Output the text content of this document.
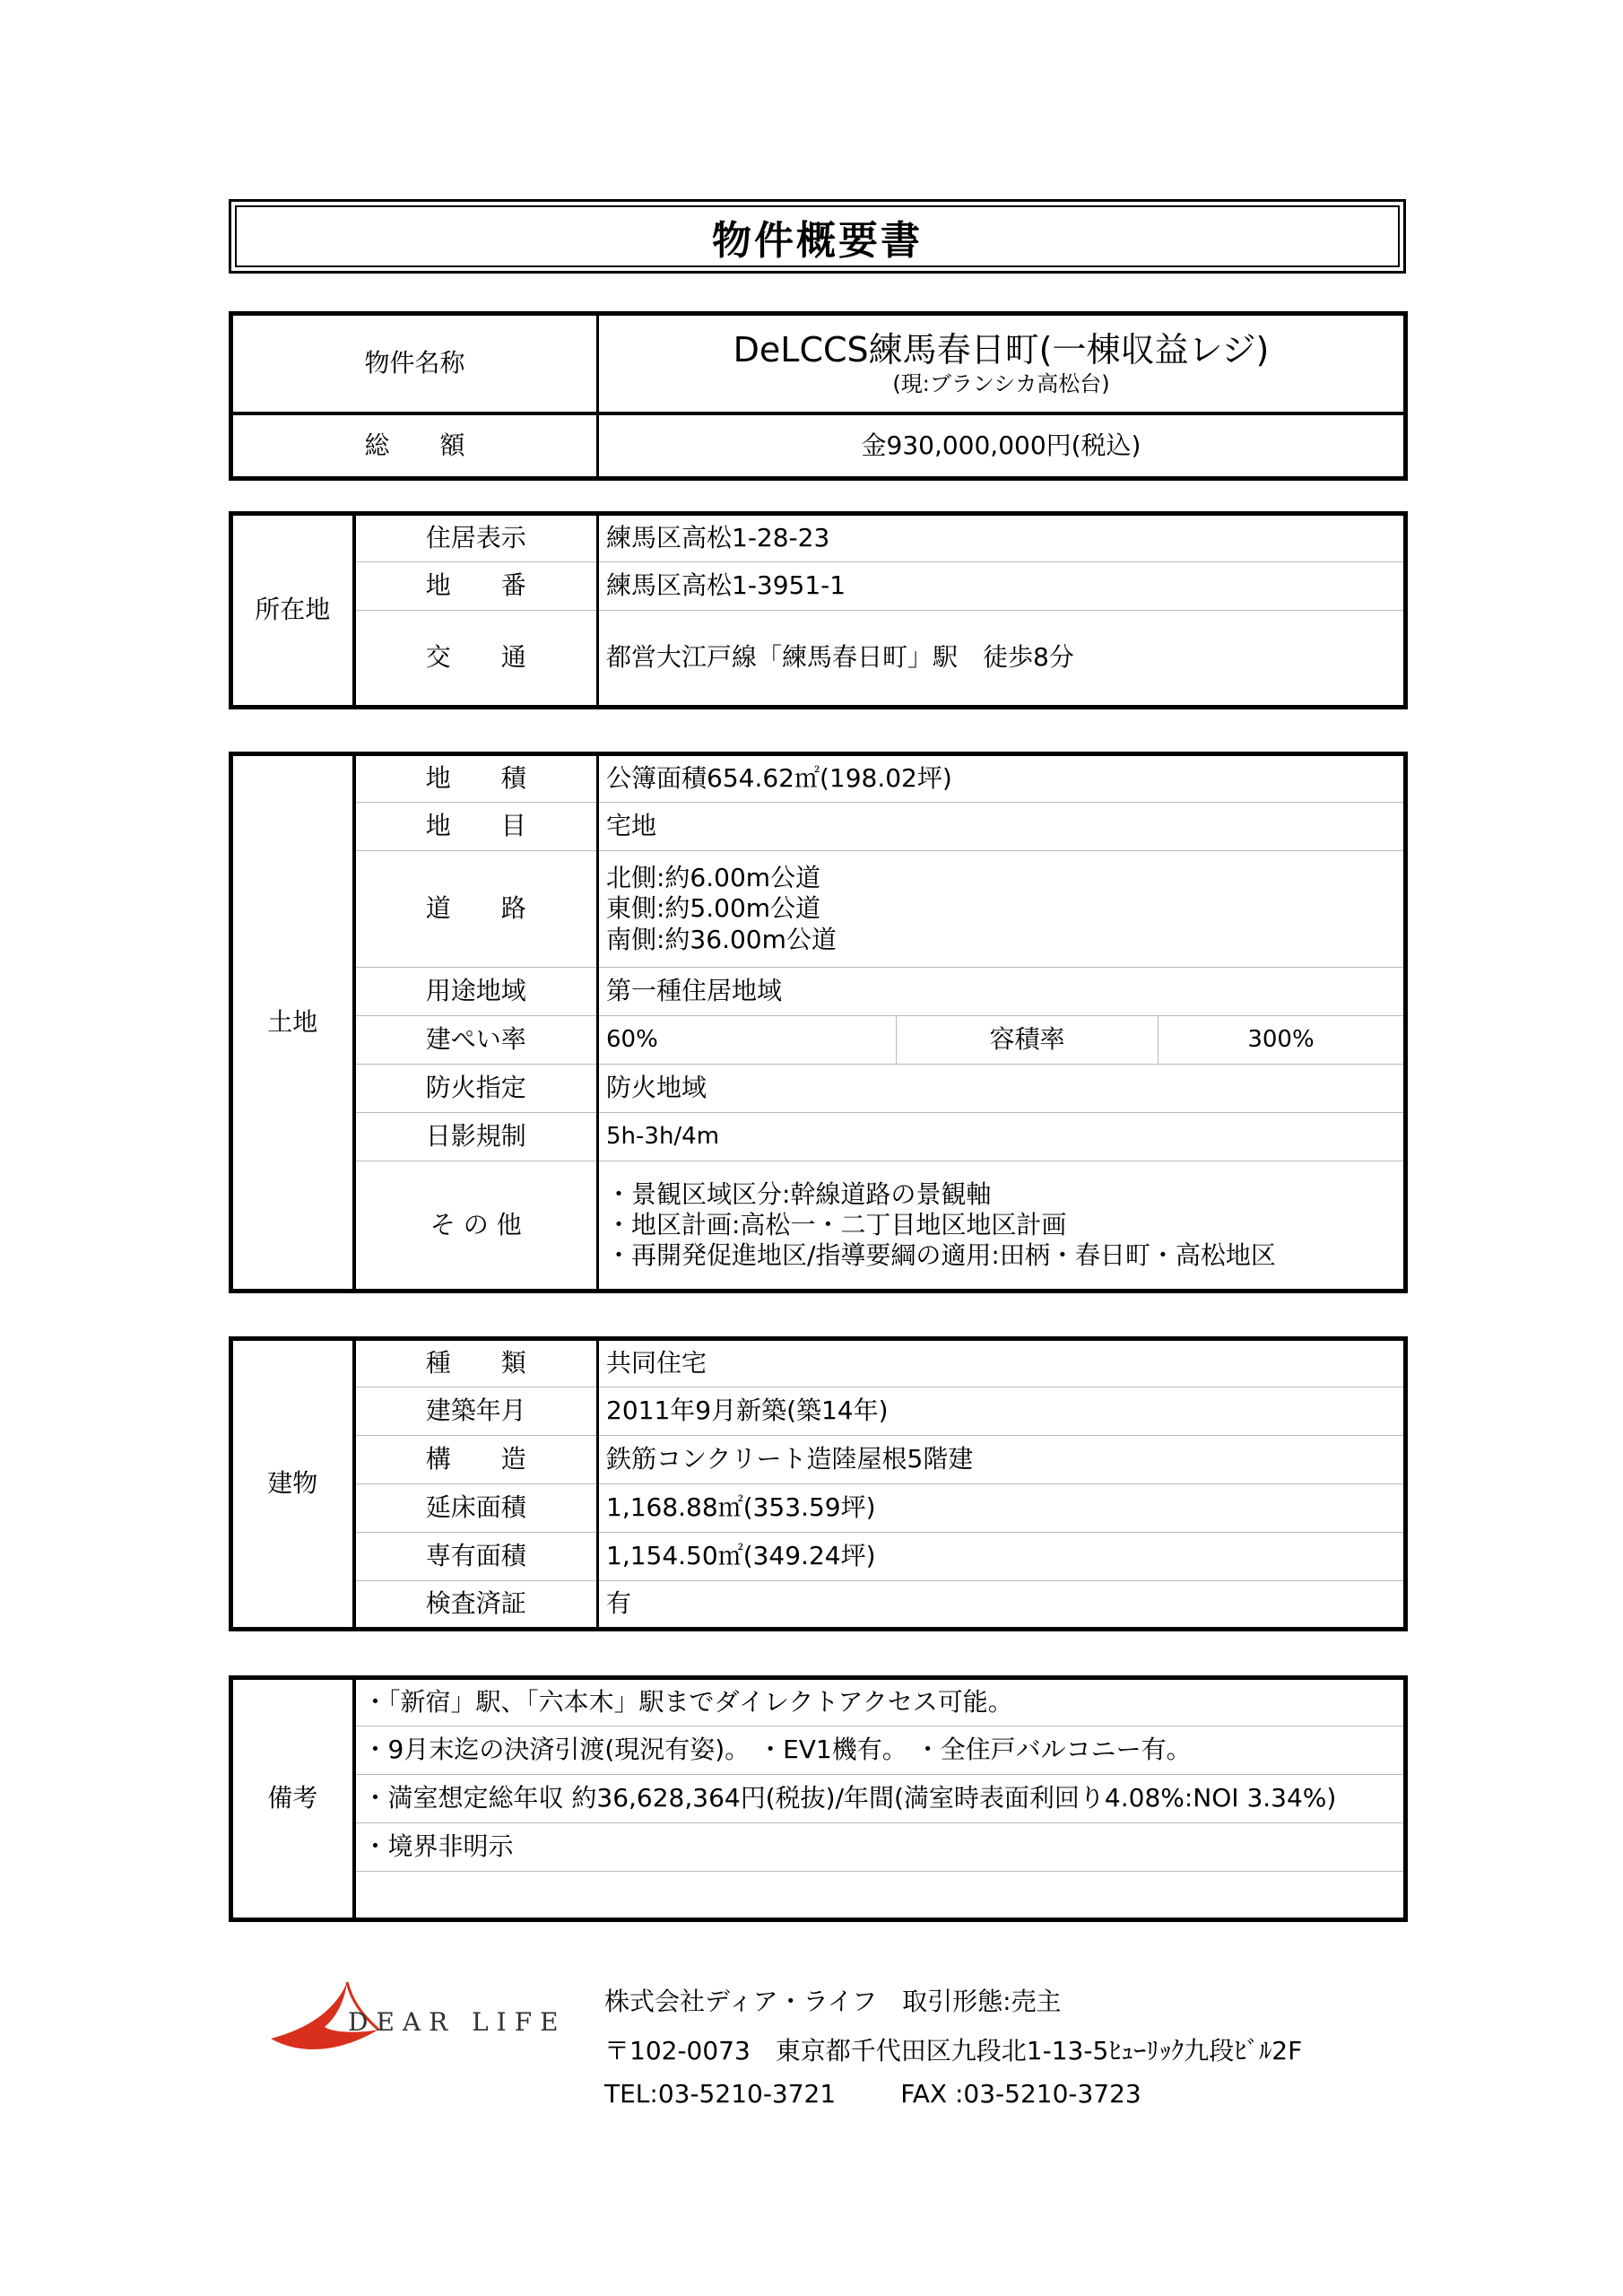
物件概要書
物件名称	DeLCCS練馬春日町(一棟収益レジ)
(現:ブランシカ高松台)

総 額	金930,000,000円(税込)
所在地	住居表示	練馬区高松1-28-23
	地　　番	練馬区高松1-3951-1
	交　　通	都営大江戸線「練馬春日町」駅　徒歩8分
土地	地　　積	公簿面積654.62㎡(198.02坪)		
	地　　目	宅地		
	道　　路	北側:約6.00m公道
東側:約5.00m公道
南側:約36.00m公道		

	用途地域	第一種住居地域		
	建ぺい率	60%	容積率	300%
	防火指定	防火地域		
	日影規制	5h-3h/4m		
	そ の 他	・景観区域区分:幹線道路の景観軸
・地区計画:高松一・二丁目地区地区計画
・再開発促進地区/指導要綱の適用:田柄・春日町・高松地区		
建物	種　　類	共同住宅
	建築年月	2011年9月新築(築14年)
	構　　造	鉄筋コンクリート造陸屋根5階建
	延床面積	1,168.88㎡(353.59坪)
	専有面積	1,154.50㎡(349.24坪)
	検査済証	有
備考	・「新宿」駅、「六本木」駅までダイレクトアクセス可能。
・9月末迄の決済引渡(現況有姿)。 ・EV1機有。 ・全住戸バルコニー有。
・満室想定総年収 約36,628,364円(税抜)/年間(満室時表面利回り4.08%:NOI 3.34%)
・境界非明示

DEAR LIFE
株式会社ディア・ライフ　取引形態:売主
〒102-0073　東京都千代田区九段北1-13-5ﾋｭｰﾘｯｸ九段ﾋﾞﾙ2F
TEL:03-5210-3721	FAX :03-5210-3723
